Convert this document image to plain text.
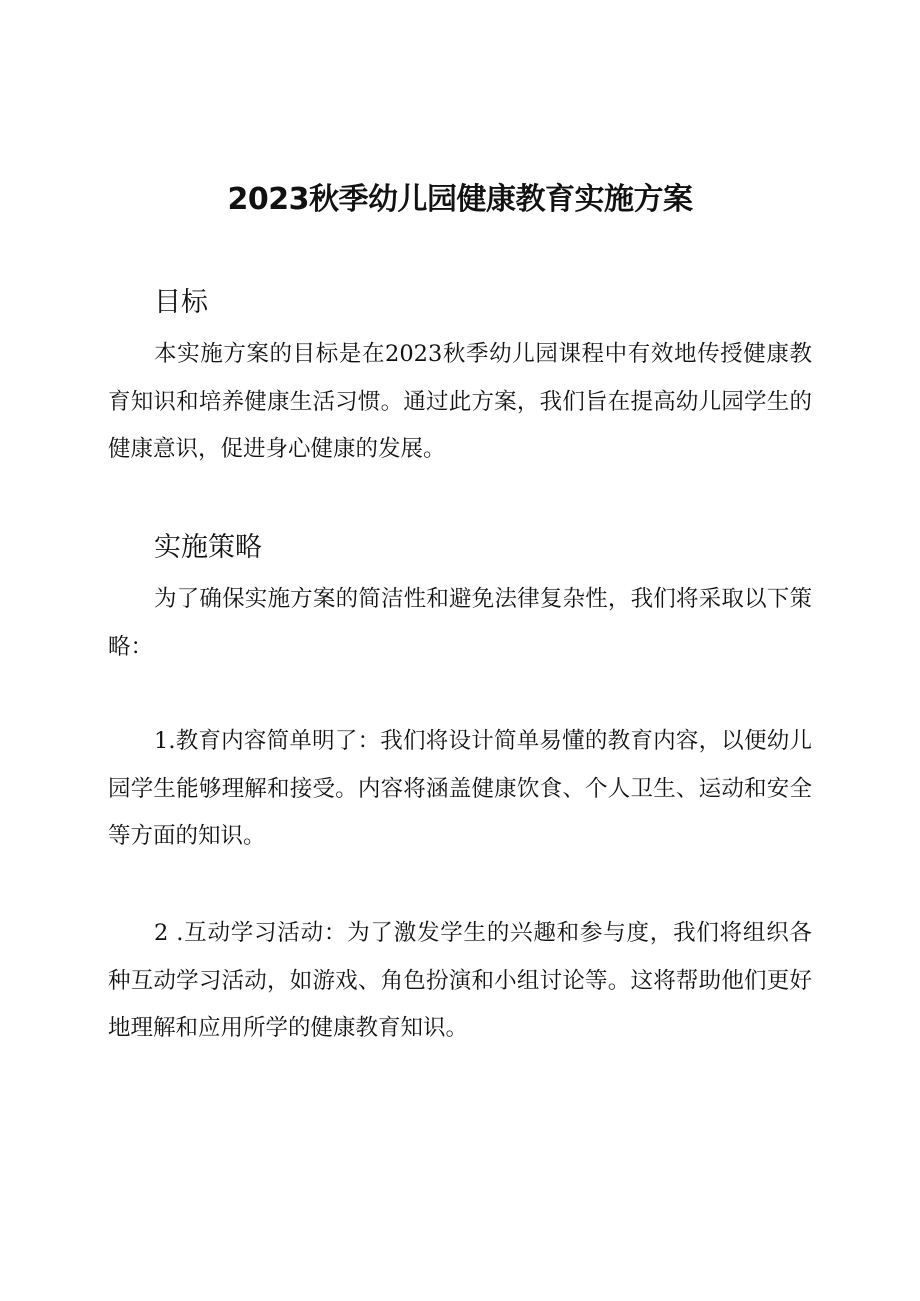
2023秋季幼儿园健康教育实施方案
目标

本实施方案的目标是在2023秋季幼儿园课程中有效地传授健康教育知识和培养健康生活习惯。通过此方案，我们旨在提高幼儿园学生的健康意识，促进身心健康的发展。

实施策略

为了确保实施方案的简洁性和避免法律复杂性，我们将采取以下策略：

1.教育内容简单明了：我们将设计简单易懂的教育内容，以便幼儿园学生能够理解和接受。内容将涵盖健康饮食、个人卫生、运动和安全等方面的知识。

2 .互动学习活动：为了激发学生的兴趣和参与度，我们将组织各种互动学习活动，如游戏、角色扮演和小组讨论等。这将帮助他们更好地理解和应用所学的健康教育知识。
